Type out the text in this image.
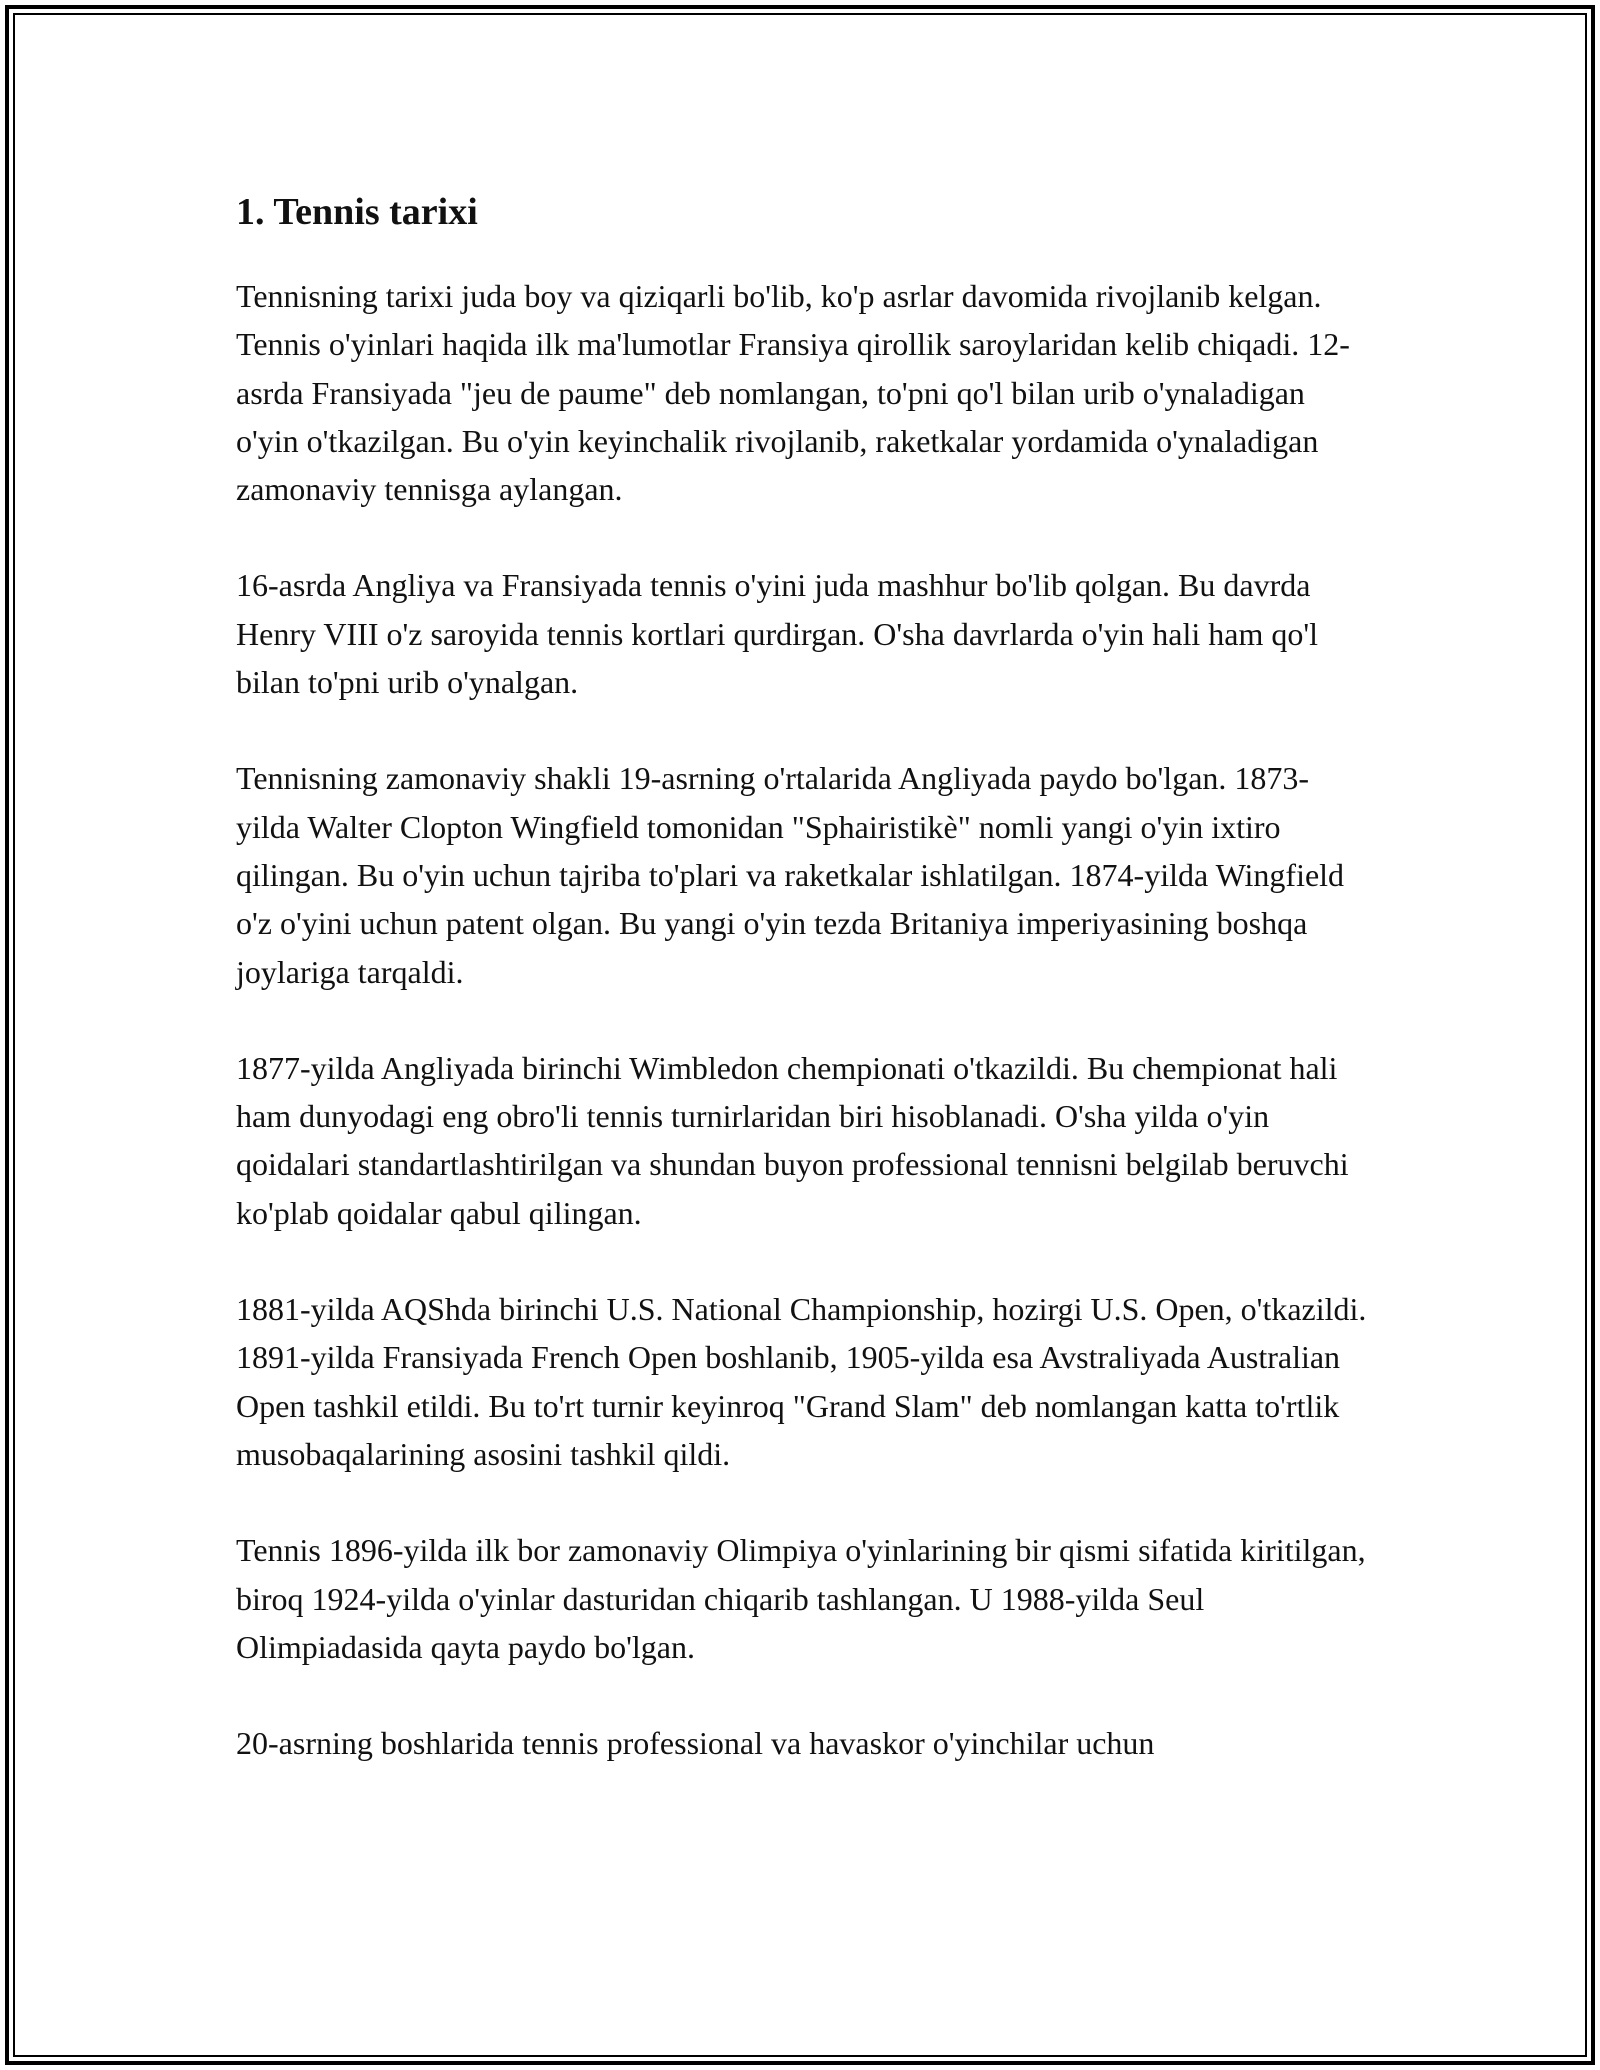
1. Tennis tarixi

Tennisning tarixi juda boy va qiziqarli bo'lib, ko'p asrlar davomida rivojlanib kelgan. Tennis o'yinlari haqida ilk ma'lumotlar Fransiya qirollik saroylaridan kelib chiqadi. 12-asrda Fransiyada "jeu de paume" deb nomlangan, to'pni qo'l bilan urib o'ynaladigan o'yin o'tkazilgan. Bu o'yin keyinchalik rivojlanib, raketkalar yordamida o'ynaladigan zamonaviy tennisga aylangan.

16-asrda Angliya va Fransiyada tennis o'yini juda mashhur bo'lib qolgan. Bu davrda Henry VIII o'z saroyida tennis kortlari qurdirgan. O'sha davrlarda o'yin hali ham qo'l bilan to'pni urib o'ynalgan.

Tennisning zamonaviy shakli 19-asrning o'rtalarida Angliyada paydo bo'lgan. 1873-yilda Walter Clopton Wingfield tomonidan "Sphairistikè" nomli yangi o'yin ixtiro qilingan. Bu o'yin uchun tajriba to'plari va raketkalar ishlatilgan. 1874-yilda Wingfield o'z o'yini uchun patent olgan. Bu yangi o'yin tezda Britaniya imperiyasining boshqa joylariga tarqaldi.

1877-yilda Angliyada birinchi Wimbledon chempionati o'tkazildi. Bu chempionat hali ham dunyodagi eng obro'li tennis turnirlaridan biri hisoblanadi. O'sha yilda o'yin qoidalari standartlashtirilgan va shundan buyon professional tennisni belgilab beruvchi ko'plab qoidalar qabul qilingan.

1881-yilda AQShda birinchi U.S. National Championship, hozirgi U.S. Open, o'tkazildi. 1891-yilda Fransiyada French Open boshlanib, 1905-yilda esa Avstraliyada Australian Open tashkil etildi. Bu to'rt turnir keyinroq "Grand Slam" deb nomlangan katta to'rtlik musobaqalarining asosini tashkil qildi.

Tennis 1896-yilda ilk bor zamonaviy Olimpiya o'yinlarining bir qismi sifatida kiritilgan, biroq 1924-yilda o'yinlar dasturidan chiqarib tashlangan. U 1988-yilda Seul Olimpiadasida qayta paydo bo'lgan.

20-asrning boshlarida tennis professional va havaskor o'yinchilar uchun
